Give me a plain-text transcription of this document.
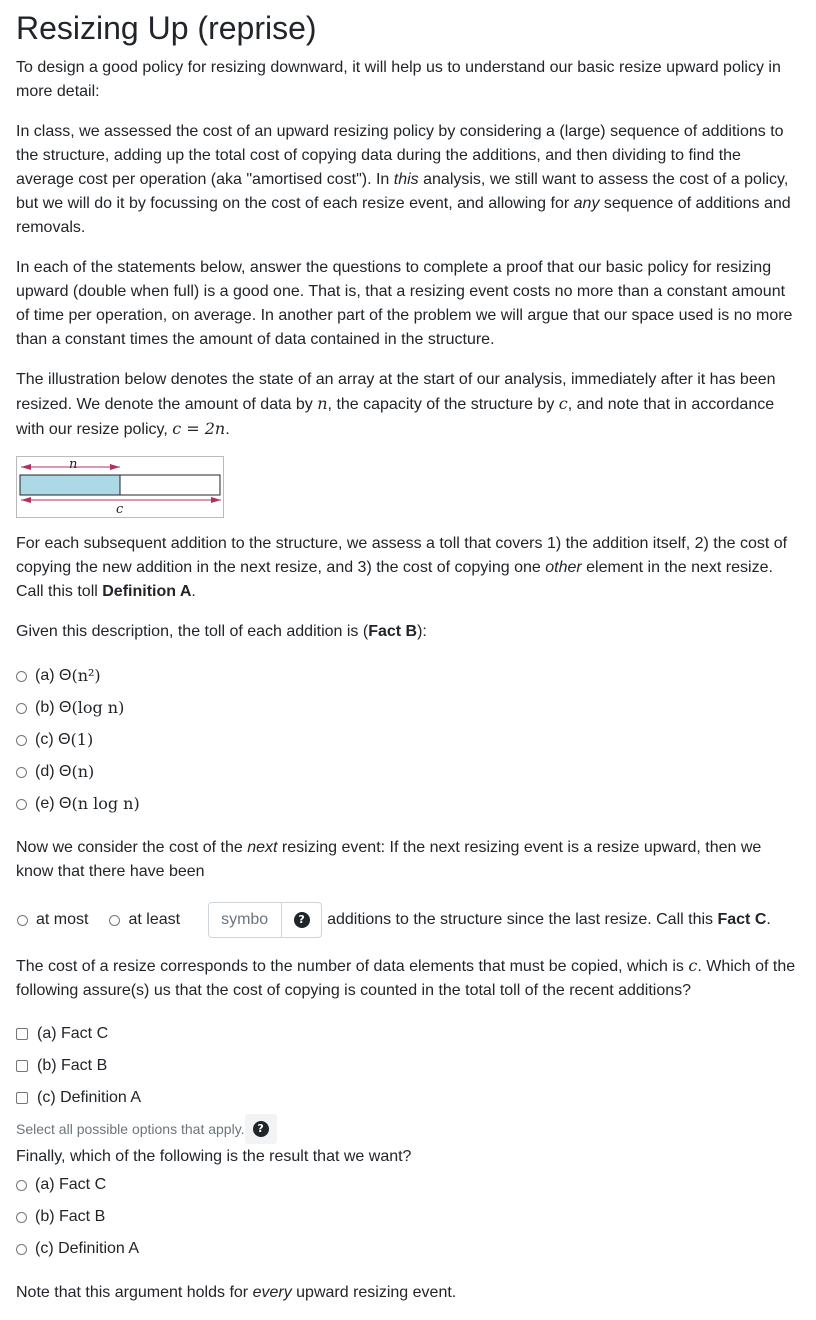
Resizing Up (reprise)

To design a good policy for resizing downward, it will help us to understand our basic resize upward policy in more detail:

In class, we assessed the cost of an upward resizing policy by considering a (large) sequence of additions to the structure, adding up the total cost of copying data during the additions, and then dividing to find the average cost per operation (aka "amortised cost"). In this analysis, we still want to assess the cost of a policy, but we will do it by focussing on the cost of each resize event, and allowing for any sequence of additions and removals.

In each of the statements below, answer the questions to complete a proof that our basic policy for resizing upward (double when full) is a good one. That is, that a resizing event costs no more than a constant amount of time per operation, on average. In another part of the problem we will argue that our space used is no more than a constant times the amount of data contained in the structure.

The illustration below denotes the state of an array at the start of our analysis, immediately after it has been resized. We denote the amount of data by n, the capacity of the structure by c, and note that in accordance with our resize policy, c = 2n.

n
c

For each subsequent addition to the structure, we assess a toll that covers 1) the addition itself, 2) the cost of copying the new addition in the next resize, and 3) the cost of copying one other element in the next resize. Call this toll Definition A.

Given this description, the toll of each addition is (Fact B):

(a) Θ (n²)
(b) Θ (log n)
(c) Θ (1)
(d) Θ (n)
(e) Θ (n log n)

Now we consider the cost of the next resizing event: If the next resizing event is a resize upward, then we know that there have been

at most	at least	symbo	?	additions to the structure since the last resize. Call this Fact C.

The cost of a resize corresponds to the number of data elements that must be copied, which is c. Which of the following assure(s) us that the cost of copying is counted in the total toll of the recent additions?

(a) Fact C
(b) Fact B
(c) Definition A
Select all possible options that apply.	?

Finally, which of the following is the result that we want?

(a) Fact C
(b) Fact B
(c) Definition A

Note that this argument holds for every upward resizing event.
